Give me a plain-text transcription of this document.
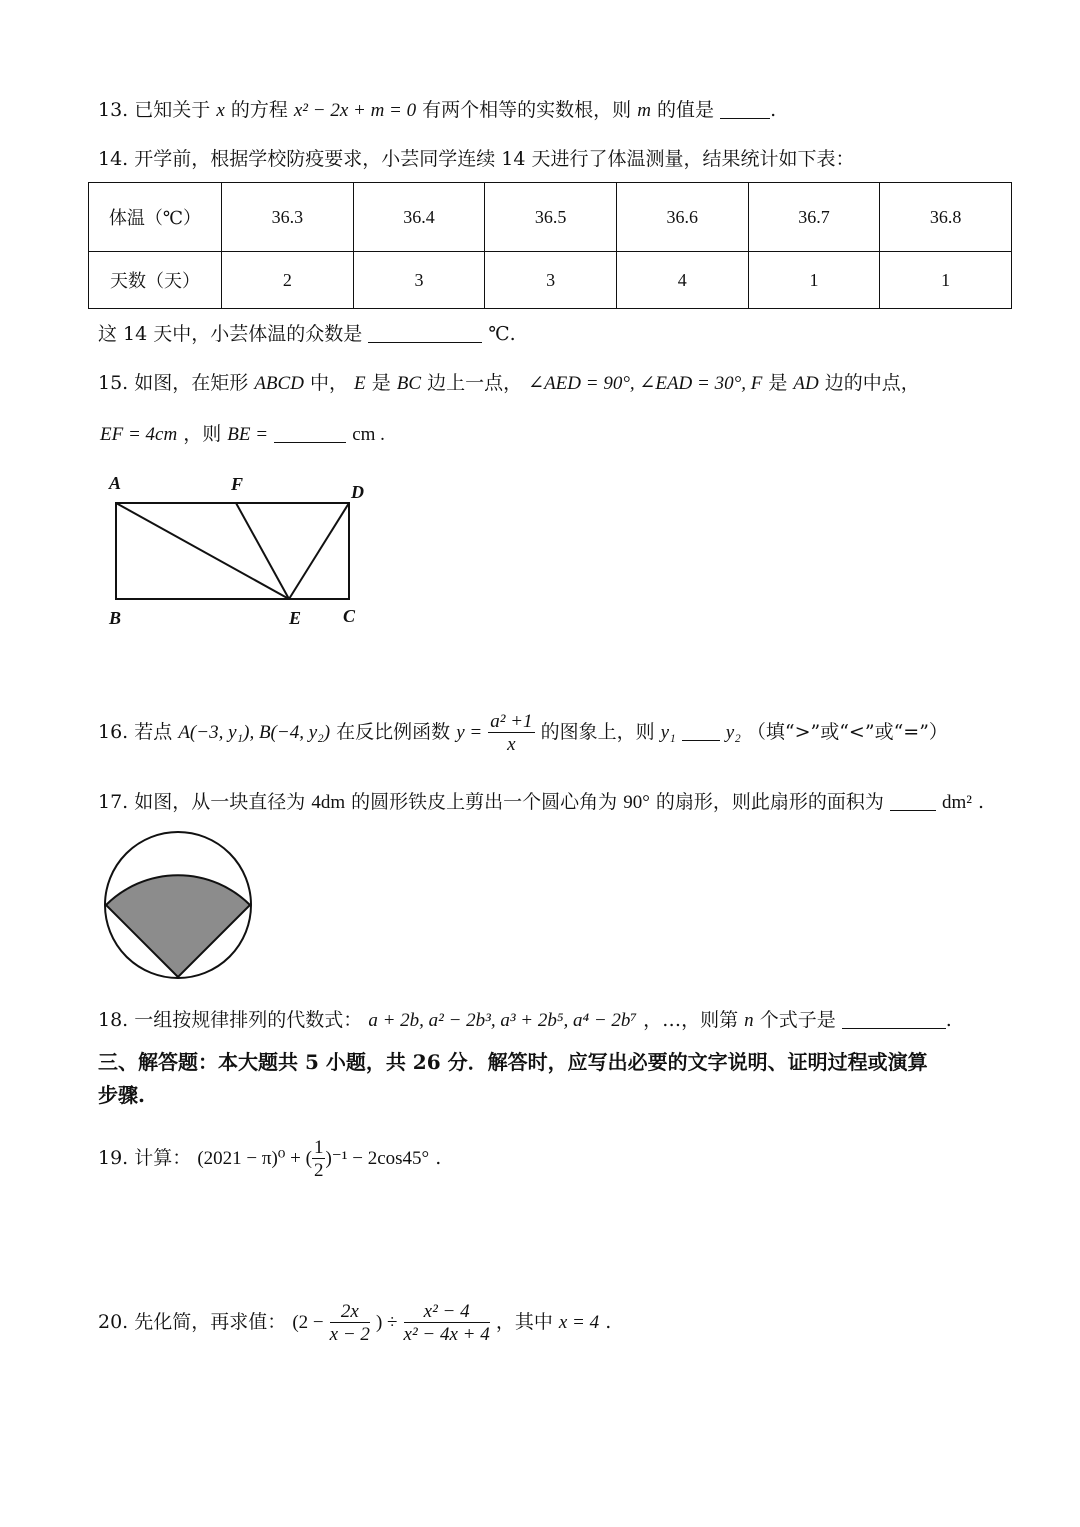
13. 已知关于 x 的方程 x² − 2x + m = 0 有两个相等的实数根，则 m 的值是	.
14. 开学前，根据学校防疫要求，小芸同学连续 14 天进行了体温测量，结果统计如下表：
体温（℃）	36.3	36.4	36.5	36.6	36.7	36.8
天数（天）	2	3	3	4	1	1
这 14 天中，小芸体温的众数是	℃.
15. 如图，在矩形 ABCD 中， E 是 BC 边上一点， ∠AED = 90°, ∠EAD = 30°, F 是 AD 边的中点，
EF = 4cm ，则 BE =	cm .
A	F	D
B	E C
16. 若点 A(−3, y₁), B(−4, y₂) 在反比例函数 $y = \frac{\text{a² +1}}{x}$ 的图象上，则 y₁	y₂ （填“>”或“<”或“=”）
17. 如图，从一块直径为 4dm 的圆形铁皮上剪出一个圆心角为 90° 的扇形，则此扇形的面积为	dm² .
18. 一组按规律排列的代数式： a + 2b, a² − 2b³, a³ + 2b⁵, a⁴ − 2b⁷ ，…，则第 n 个式子是	.
三、解答题：本大题共 5 小题，共 26 分．解答时，应写出必要的文字说明、证明过程或演算
步骤.
19. 计算： (2021 − π)⁰ + ( $\frac{1}{2} )^{-1} - 2\cos 45^\circ$ .
20. 先化简，再求值： ($2 - \frac{2x}{x - 2}$ ) ÷ $\frac{\text{x² − 4}}{\text{x² − 4x + 4}}$ ，其中 x = 4 .
